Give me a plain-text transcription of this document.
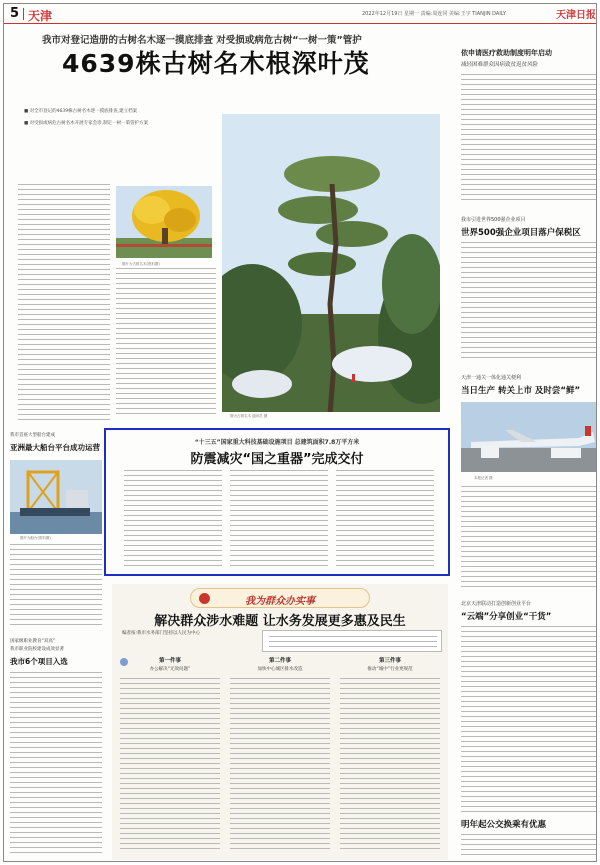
5 天津	2022年12月19日 星期一 责编:周连同 美编:王宇 TIANJIN DAILY	天津日报
我市对登记造册的古树名木逐一摸底排查 对受损或病危古树“一树一策”管护
4639株古树名木根深叶茂
■ 对全市登记的4639株古树名木逐一摸底排查,建立档案
■ 对受损或病危古树名木开展专家会诊,制定一树一策管护方案
图片为古树名木(资料图)
图为古树名木 通讯员 摄
依申请医疗救助制度明年启动
减轻困难群众因病致贫返贫风险
我市引进世界500强企业项目
世界500强企业项目落户保税区
天津一通关一体化通关便利
当日生产 转关上市 及时尝“鲜”
本报记者 摄
北京天津联动打造创新创业平台
“云端”分享创业“干货”
明年起公交换乘有优惠
我市首座大型船台建成
亚洲最大船台平台成功运营
图片为船台(资料图)
国家级职业教育“双高”
我市职业院校建设成效显著
我市6个项目入选
“十三五”国家重大科技基础设施项目 总建筑面积7.8万平方米
防震减灾“国之重器”完成交付
我为群众办实事
解决群众涉水难题 让水务发展更多惠及民生
编者按:我市水务部门坚持以人民为中心
第一件事
办公解决“无效问题”
第二件事
加快中心城区排水改造
第三件事
推动“城中”行业更规范
